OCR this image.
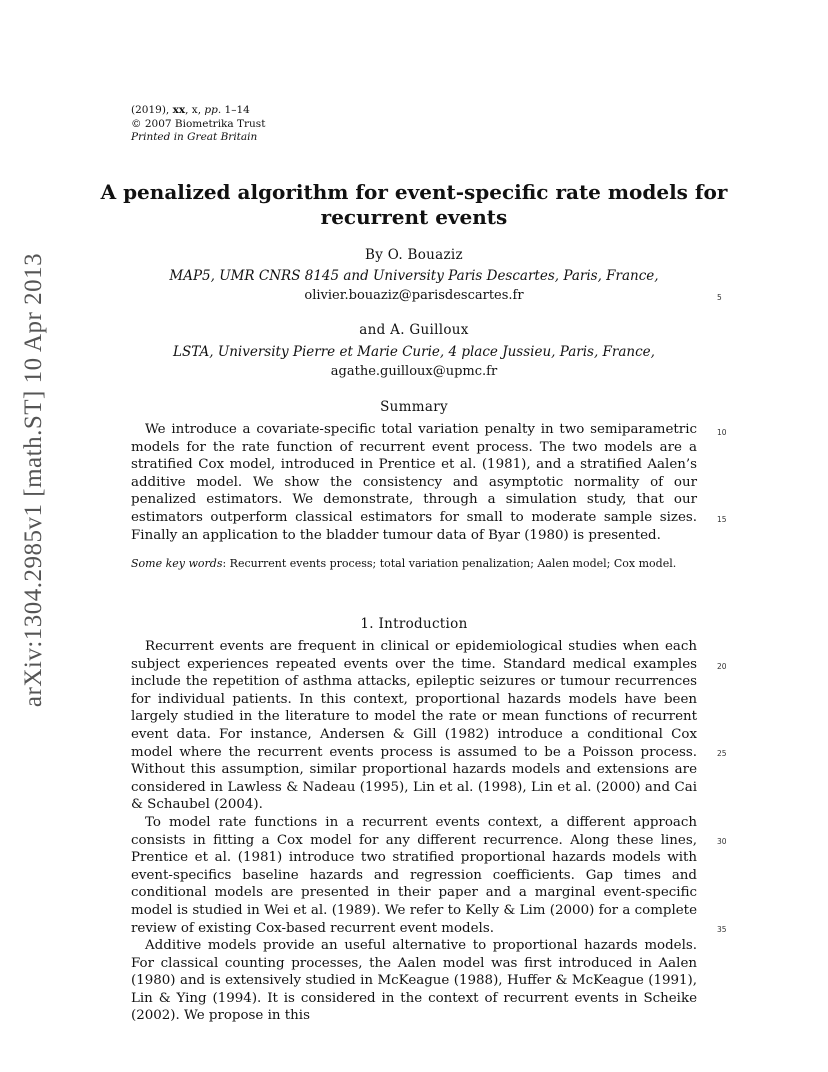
(2019), xx, x, pp. 1–14
© 2007 Biometrika Trust
Printed in Great Britain
arXiv:1304.2985v1 [math.ST] 10 Apr 2013
A penalized algorithm for event-specific rate models for recurrent events
By O. Bouaziz
MAP5, UMR CNRS 8145 and University Paris Descartes, Paris, France,
olivier.bouaziz@parisdescartes.fr
and A. Guilloux
LSTA, University Pierre et Marie Curie, 4 place Jussieu, Paris, France,
agathe.guilloux@upmc.fr
Summary

We introduce a covariate-specific total variation penalty in two semiparametric models for the rate function of recurrent event process. The two models are a stratified Cox model, introduced in Prentice et al. (1981), and a stratified Aalen’s additive model. We show the consistency and asymptotic normality of our penalized estimators. We demonstrate, through a simulation study, that our estimators outperform classical estimators for small to moderate sample sizes. Finally an application to the bladder tumour data of Byar (1980) is presented.

Some key words: Recurrent events process; total variation penalization; Aalen model; Cox model.
1. Introduction

Recurrent events are frequent in clinical or epidemiological studies when each subject experiences repeated events over the time. Standard medical examples include the repetition of asthma attacks, epileptic seizures or tumour recurrences for individual patients. In this context, proportional hazards models have been largely studied in the literature to model the rate or mean functions of recurrent event data. For instance, Andersen & Gill (1982) introduce a conditional Cox model where the recurrent events process is assumed to be a Poisson process. Without this assumption, similar proportional hazards models and extensions are considered in Lawless & Nadeau (1995), Lin et al. (1998), Lin et al. (2000) and Cai & Schaubel (2004).

To model rate functions in a recurrent events context, a different approach consists in fitting a Cox model for any different recurrence. Along these lines, Prentice et al. (1981) introduce two stratified proportional hazards models with event-specifics baseline hazards and regression coefficients. Gap times and conditional models are presented in their paper and a marginal event-specific model is studied in Wei et al. (1989). We refer to Kelly & Lim (2000) for a complete review of existing Cox-based recurrent event models.

Additive models provide an useful alternative to proportional hazards models. For classical counting processes, the Aalen model was first introduced in Aalen (1980) and is extensively studied in McKeague (1988), Huffer & McKeague (1991), Lin & Ying (1994). It is considered in the context of recurrent events in Scheike (2002). We propose in this

5
10
15
20
25
30
35
